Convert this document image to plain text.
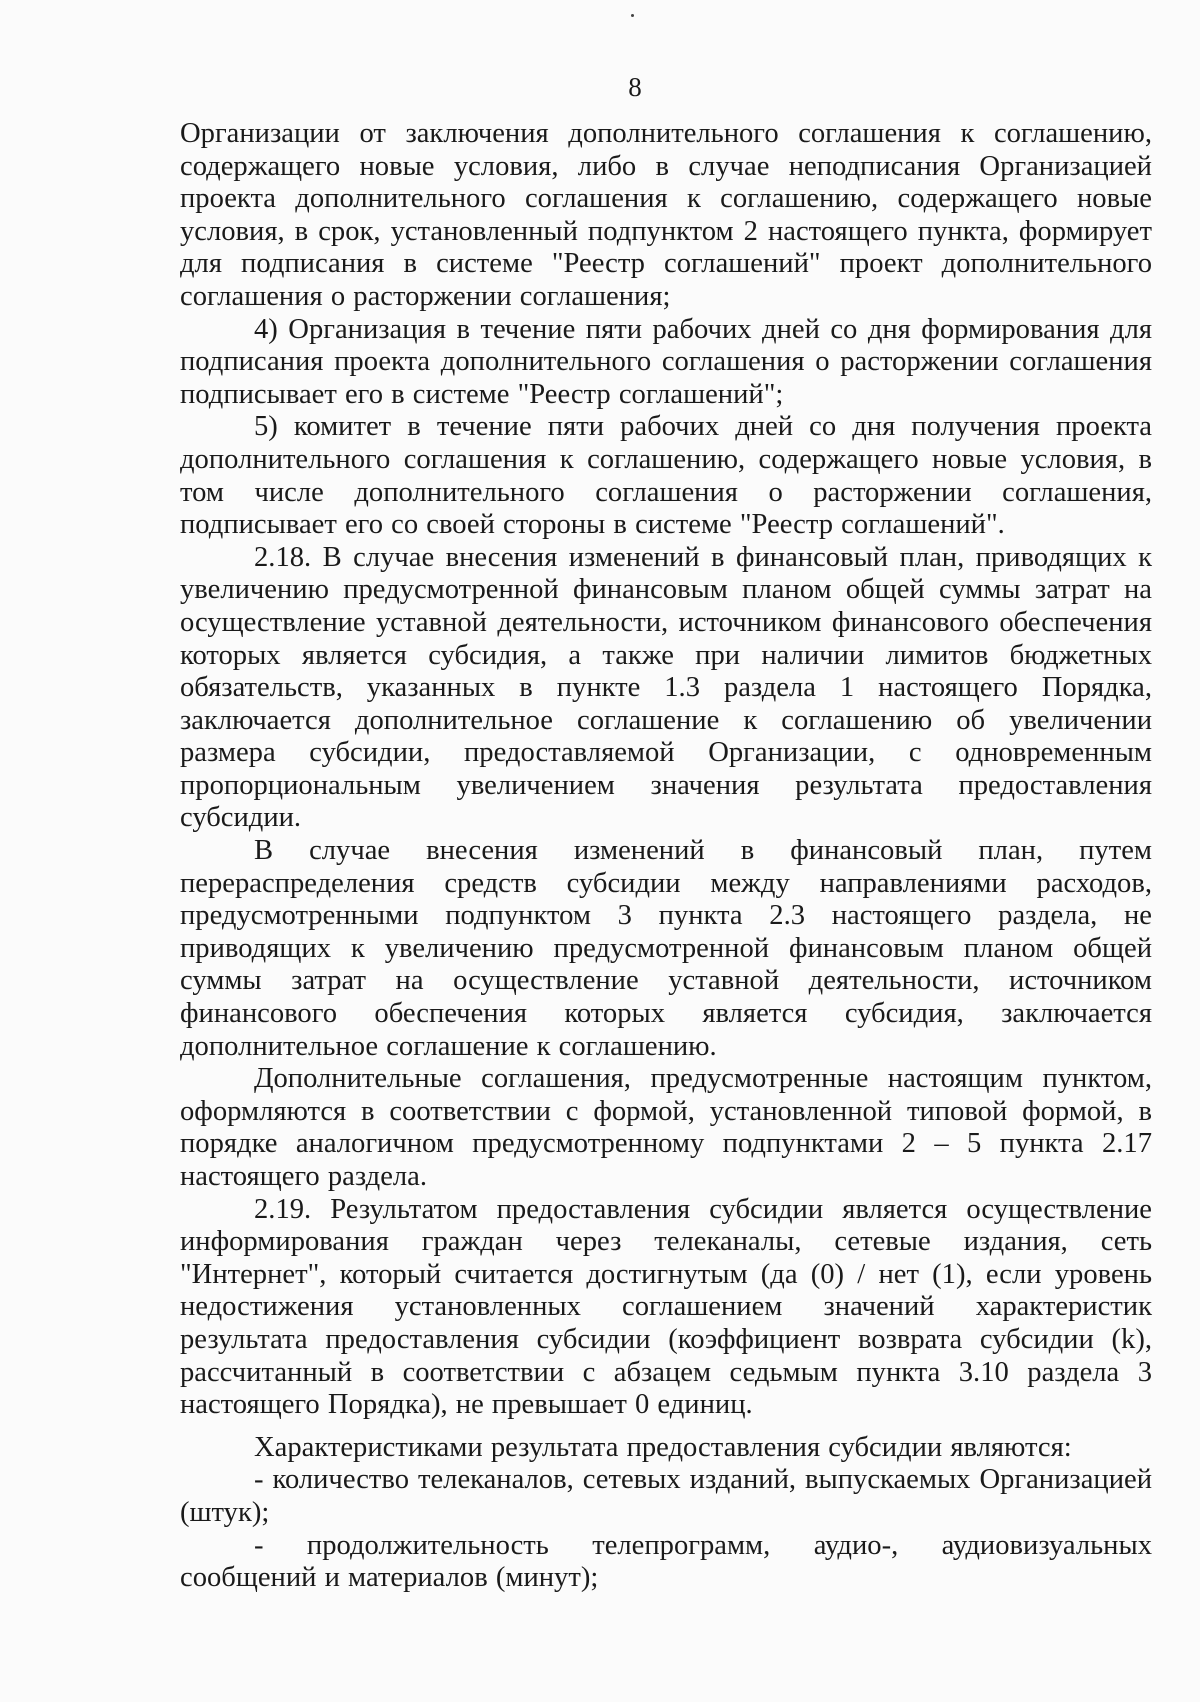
8

Организации от заключения дополнительного соглашения к соглашению, содержащего новые условия, либо в случае неподписания Организацией проекта дополнительного соглашения к соглашению, содержащего новые условия, в срок, установленный подпунктом 2 настоящего пункта, формирует для подписания в системе "Реестр соглашений" проект дополнительного соглашения о расторжении соглашения;

4) Организация в течение пяти рабочих дней со дня формирования для подписания проекта дополнительного соглашения о расторжении соглашения подписывает его в системе "Реестр соглашений";

5) комитет в течение пяти рабочих дней со дня получения проекта дополнительного соглашения к соглашению, содержащего новые условия, в том числе дополнительного соглашения о расторжении соглашения, подписывает его со своей стороны в системе "Реестр соглашений".

2.18. В случае внесения изменений в финансовый план, приводящих к увеличению предусмотренной финансовым планом общей суммы затрат на осуществление уставной деятельности, источником финансового обеспечения которых является субсидия, а также при наличии лимитов бюджетных обязательств, указанных в пункте 1.3 раздела 1 настоящего Порядка, заключается дополнительное соглашение к соглашению об увеличении размера субсидии, предоставляемой Организации, с одновременным пропорциональным увеличением значения результата предоставления субсидии.

В случае внесения изменений в финансовый план, путем перераспределения средств субсидии между направлениями расходов, предусмотренными подпунктом 3 пункта 2.3 настоящего раздела, не приводящих к увеличению предусмотренной финансовым планом общей суммы затрат на осуществление уставной деятельности, источником финансового обеспечения которых является субсидия, заключается дополнительное соглашение к соглашению.

Дополнительные соглашения, предусмотренные настоящим пунктом, оформляются в соответствии с формой, установленной типовой формой, в порядке аналогичном предусмотренному подпунктами 2 – 5 пункта 2.17 настоящего раздела.

2.19. Результатом предоставления субсидии является осуществление информирования граждан через телеканалы, сетевые издания, сеть "Интернет", который считается достигнутым (да (0) / нет (1), если уровень недостижения установленных соглашением значений характеристик результата предоставления субсидии (коэффициент возврата субсидии (k), рассчитанный в соответствии с абзацем седьмым пункта 3.10 раздела 3 настоящего Порядка), не превышает 0 единиц.

Характеристиками результата предоставления субсидии являются:

- количество телеканалов, сетевых изданий, выпускаемых Организацией (штук);

- продолжительность телепрограмм, аудио-, аудиовизуальных сообщений и материалов (минут);
